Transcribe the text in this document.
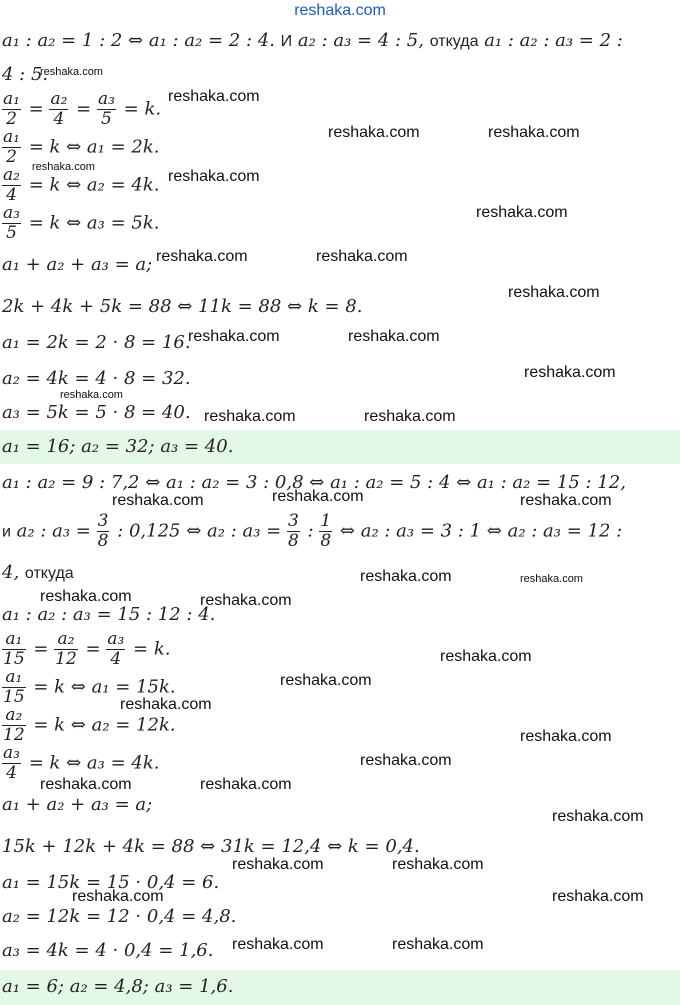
reshaka.com
a₁ : a₂ = 1 : 2 ⇔ a₁ : a₂ = 2 : 4. И a₂ : a₃ = 4 : 5, откуда a₁ : a₂ : a₃ = 2 :
4 : 5.
$\frac{\text{a₁}}{2} = \frac{\text{a₂}}{4} = \frac{\text{a₃}}{5} = k$.
$\frac{\text{a₁}}{2} = k$ ⇔ a₁ = 2k.
$\frac{\text{a₂}}{4} = k$ ⇔ a₂ = 4k.
$\frac{\text{a₃}}{5} = k$ ⇔ a₃ = 5k.
a₁ + a₂ + a₃ = a;
2k + 4k + 5k = 88 ⇔ 11k = 88 ⇔ k = 8.
a₁ = 2k = 2 · 8 = 16.
a₂ = 4k = 4 · 8 = 32.
a₃ = 5k = 5 · 8 = 40.
a₁ = 16; a₂ = 32; a₃ = 40.
a₁ : a₂ = 9 : 7,2 ⇔ a₁ : a₂ = 3 : 0,8 ⇔ a₁ : a₂ = 5 : 4 ⇔ a₁ : a₂ = 15 : 12,
и a₂ : $a_3 = \frac{3}{8}$ : 0,125 ⇔ a₂ : $a_3 = \frac{3}{8}$ : $\frac{1}{8}$ ⇔ a₂ : a₃ = 3 : 1 ⇔ a₂ : a₃ = 12 :
4, откуда
a₁ : a₂ : a₃ = 15 : 12 : 4.
$\frac{\text{a₁}}{15} = \frac{\text{a₂}}{12} = \frac{\text{a₃}}{4} = k$.
$\frac{\text{a₁}}{15} = k$ ⇔ a₁ = 15k.
$\frac{\text{a₂}}{12} = k$ ⇔ a₂ = 12k.
$\frac{\text{a₃}}{4} = k$ ⇔ a₃ = 4k.
a₁ + a₂ + a₃ = a;
15k + 12k + 4k = 88 ⇔ 31k = 12,4 ⇔ k = 0,4.
a₁ = 15k = 15 · 0,4 = 6.
a₂ = 12k = 12 · 0,4 = 4,8.
a₃ = 4k = 4 · 0,4 = 1,6.
a₁ = 6; a₂ = 4,8; a₃ = 1,6.
reshaka.com
reshaka.com
reshaka.com	reshaka.com
reshaka.com
reshaka.com
reshaka.com
reshaka.com	reshaka.com
reshaka.com
reshaka.com	reshaka.com
reshaka.com
reshaka.com
reshaka.com	reshaka.com
reshaka.com	reshaka.com	reshaka.com
reshaka.com	reshaka.com
reshaka.com	reshaka.com
reshaka.com
reshaka.com
reshaka.com
reshaka.com
reshaka.com
reshaka.com	reshaka.com
reshaka.com
reshaka.com	reshaka.com
reshaka.com	reshaka.com
reshaka.com	reshaka.com
